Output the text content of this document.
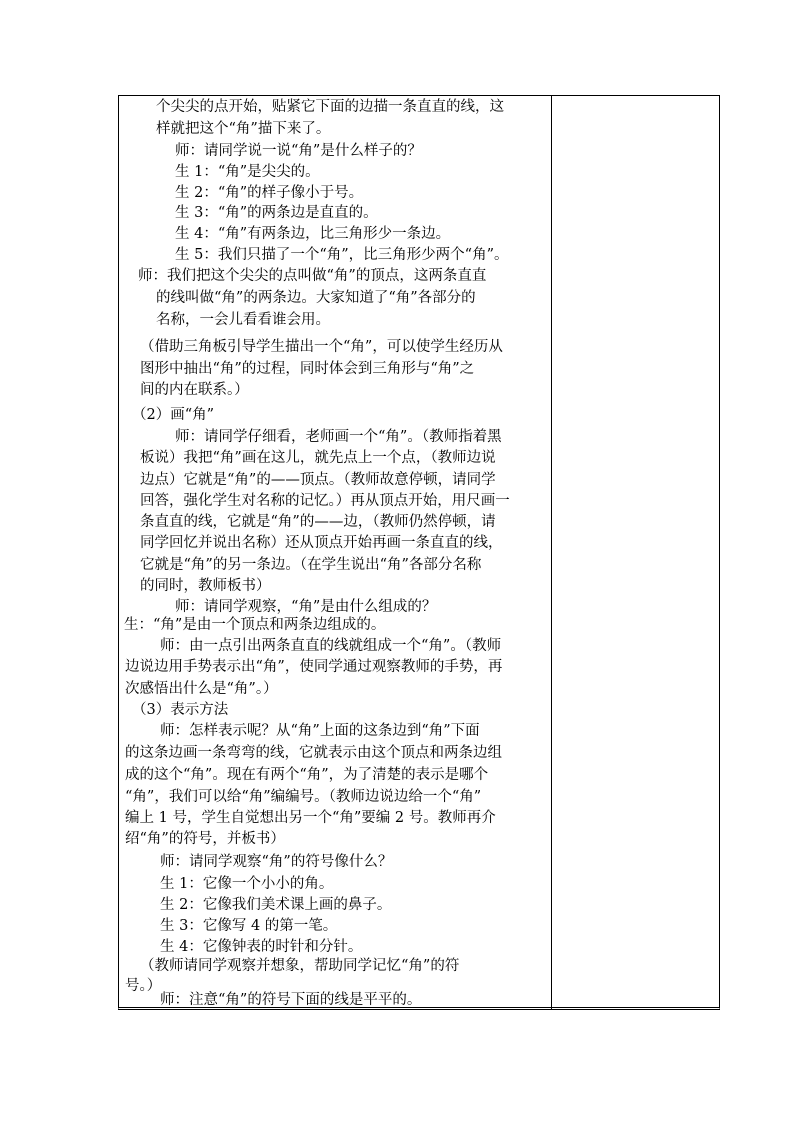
个尖尖的点开始，贴紧它下面的边描一条直直的线，这
样就把这个“角”描下来了。
师：请同学说一说“角”是什么样子的？
生 1：“角”是尖尖的。
生 2：“角”的样子像小于号。
生 3：“角”的两条边是直直的。
生 4：“角”有两条边，比三角形少一条边。
生 5：我们只描了一个“角”，比三角形少两个“角”。
师：我们把这个尖尖的点叫做“角”的顶点，这两条直直
的线叫做“角”的两条边。大家知道了“角”各部分的
名称，一会儿看看谁会用。
（借助三角板引导学生描出一个“角”，可以使学生经历从
图形中抽出“角”的过程，同时体会到三角形与“角”之
间的内在联系。）
（2）画“角”
师：请同学仔细看，老师画一个“角”。（教师指着黑
板说）我把“角”画在这儿，就先点上一个点，（教师边说
边点）它就是“角”的——顶点。（教师故意停顿，请同学
回答，强化学生对名称的记忆。）再从顶点开始，用尺画一
条直直的线，它就是“角”的——边，（教师仍然停顿，请
同学回忆并说出名称）还从顶点开始再画一条直直的线，
它就是“角”的另一条边。（在学生说出“角”各部分名称
的同时，教师板书）
师：请同学观察，“角”是由什么组成的？
生：“角”是由一个顶点和两条边组成的。
师：由一点引出两条直直的线就组成一个“角”。（教师
边说边用手势表示出“角”，使同学通过观察教师的手势，再
次感悟出什么是“角”。）
（3）表示方法
师：怎样表示呢？从“角”上面的这条边到“角”下面
的这条边画一条弯弯的线，它就表示由这个顶点和两条边组
成的这个“角”。现在有两个“角”，为了清楚的表示是哪个
“角”，我们可以给“角”编编号。（教师边说边给一个“角”
编上 1 号，学生自觉想出另一个“角”要编 2 号。教师再介
绍“角”的符号，并板书）
师：请同学观察“角”的符号像什么？
生 1：它像一个小小的角。
生 2：它像我们美术课上画的鼻子。
生 3：它像写 4 的第一笔。
生 4：它像钟表的时针和分针。
（教师请同学观察并想象，帮助同学记忆“角”的符
号。）
师：注意“角”的符号下面的线是平平的。
